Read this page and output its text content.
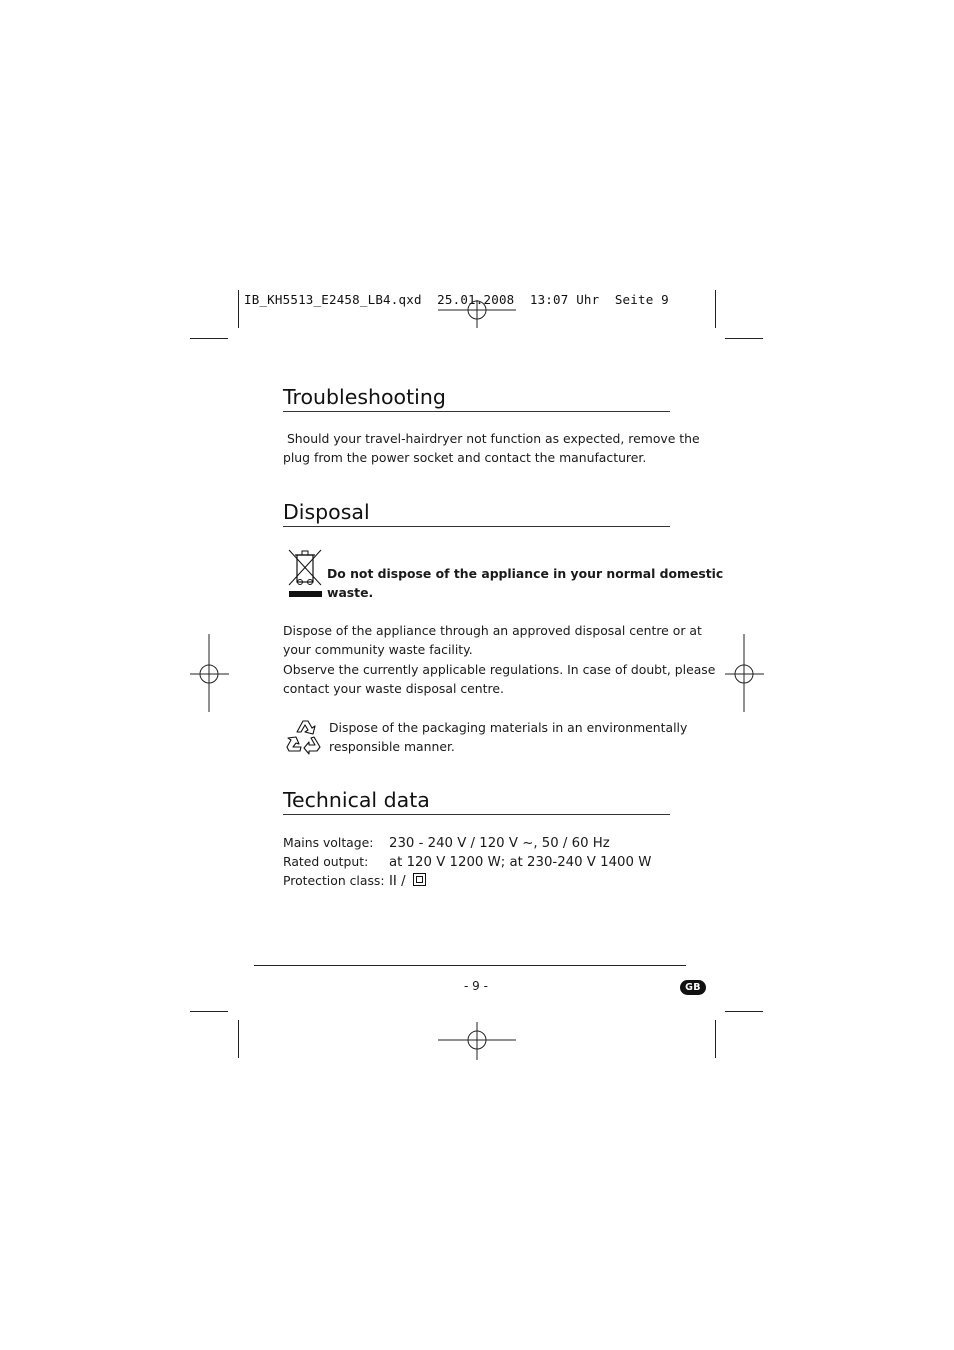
IB_KH5513_E2458_LB4.qxd  25.01.2008  13:07 Uhr  Seite 9
Troubleshooting
Should your travel-hairdryer not function as expected, remove the
plug from the power socket and contact the manufacturer.
Disposal
Do not dispose of the appliance in your normal domestic
waste.
Dispose of the appliance through an approved disposal centre or at
your community waste facility.
Observe the currently applicable regulations. In case of doubt, please
contact your waste disposal centre.
Dispose of the packaging materials in an environmentally
responsible manner.
Technical data
Mains voltage: 230 - 240 V / 120 V ~, 50 / 60 Hz
Rated output: at 120 V 1200 W; at 230-240 V 1400 W
Protection class: II /
- 9 -	GB
